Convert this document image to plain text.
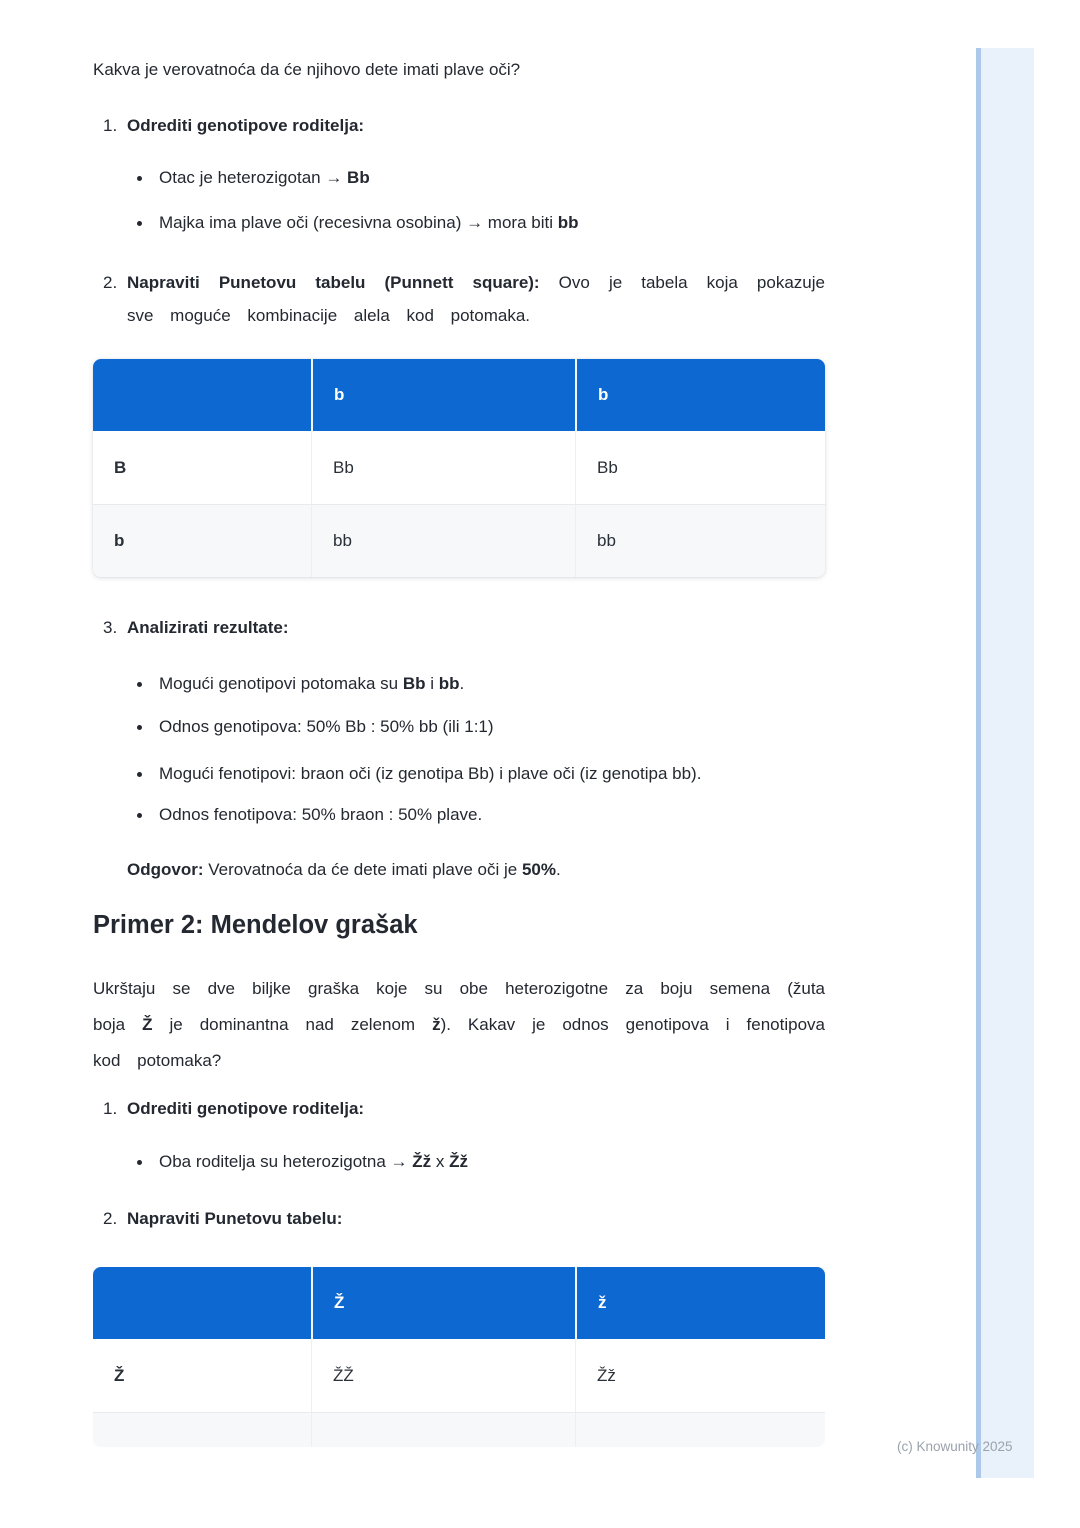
Kakva je verovatnoća da će njihovo dete imati plave oči?

1. Odrediti genotipove roditelja:
Otac je heterozigotan → Bb
Majka ima plave oči (recesivna osobina) → mora biti bb
2. Napraviti Punetovu tabelu (Punnett square): Ovo je tabela koja pokazuje sve moguće kombinacije alela kod potomaka.
	b	b
B	Bb	Bb
b	bb	bb
3. Analizirati rezultate:
Mogući genotipovi potomaka su Bb i bb.
Odnos genotipova: 50% Bb : 50% bb (ili 1:1)
Mogući fenotipovi: braon oči (iz genotipa Bb) i plave oči (iz genotipa bb).
Odnos fenotipova: 50% braon : 50% plave.

Odgovor: Verovatnoća da će dete imati plave oči je 50%.

Primer 2: Mendelov grašak

Ukrštaju se dve biljke graška koje su obe heterozigotne za boju semena (žuta boja Ž je dominantna nad zelenom ž). Kakav je odnos genotipova i fenotipova kod potomaka?

1. Odrediti genotipove roditelja:
Oba roditelja su heterozigotna → Žž x Žž
2. Napraviti Punetovu tabelu:
	Ž	ž
Ž	ŽŽ	Žž

(c) Knowunity 2025
